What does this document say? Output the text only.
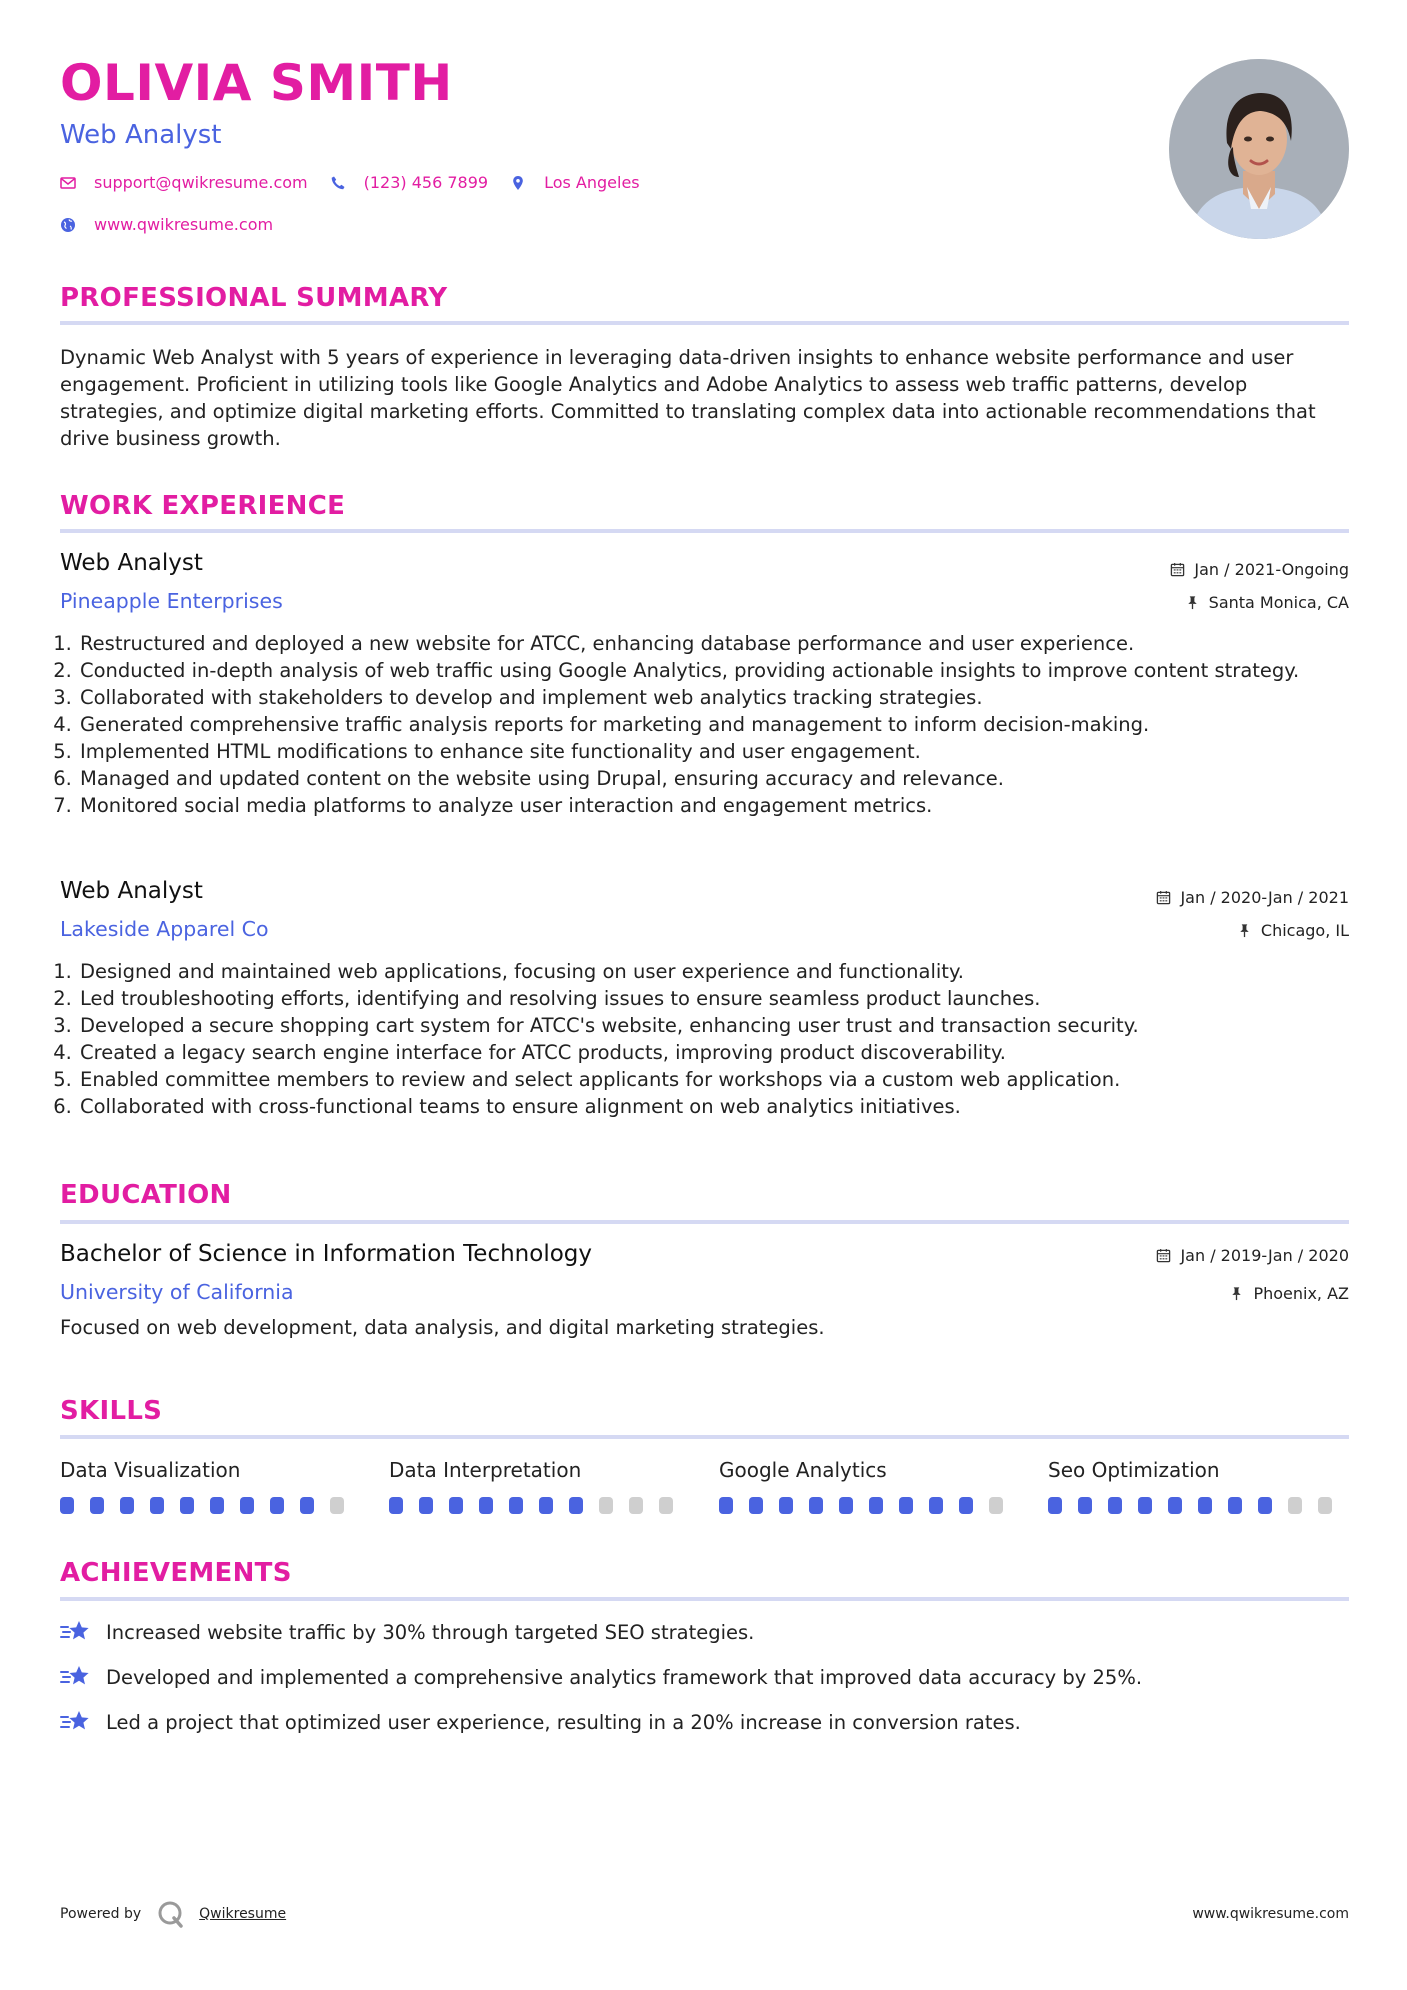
OLIVIA SMITH
Web Analyst
support@qwikresume.com	(123) 456 7899	Los Angeles
www.qwikresume.com
PROFESSIONAL SUMMARY
Dynamic Web Analyst with 5 years of experience in leveraging data-driven insights to enhance website performance and user engagement. Proficient in utilizing tools like Google Analytics and Adobe Analytics to assess web traffic patterns, develop strategies, and optimize digital marketing efforts. Committed to translating complex data into actionable recommendations that drive business growth.
WORK EXPERIENCE
Web Analyst
Pineapple Enterprises
Jan / 2021-Ongoing
Santa Monica, CA
1. Restructured and deployed a new website for ATCC, enhancing database performance and user experience.
2. Conducted in-depth analysis of web traffic using Google Analytics, providing actionable insights to improve content strategy.
3. Collaborated with stakeholders to develop and implement web analytics tracking strategies.
4. Generated comprehensive traffic analysis reports for marketing and management to inform decision-making.
5. Implemented HTML modifications to enhance site functionality and user engagement.
6. Managed and updated content on the website using Drupal, ensuring accuracy and relevance.
7. Monitored social media platforms to analyze user interaction and engagement metrics.
Web Analyst
Lakeside Apparel Co
Jan / 2020-Jan / 2021
Chicago, IL
1. Designed and maintained web applications, focusing on user experience and functionality.
2. Led troubleshooting efforts, identifying and resolving issues to ensure seamless product launches.
3. Developed a secure shopping cart system for ATCC's website, enhancing user trust and transaction security.
4. Created a legacy search engine interface for ATCC products, improving product discoverability.
5. Enabled committee members to review and select applicants for workshops via a custom web application.
6. Collaborated with cross-functional teams to ensure alignment on web analytics initiatives.
EDUCATION
Bachelor of Science in Information Technology
University of California
Jan / 2019-Jan / 2020
Phoenix, AZ
Focused on web development, data analysis, and digital marketing strategies.
SKILLS
Data Visualization	Data Interpretation	Google Analytics	Seo Optimization
ACHIEVEMENTS
Increased website traffic by 30% through targeted SEO strategies.
Developed and implemented a comprehensive analytics framework that improved data accuracy by 25%.
Led a project that optimized user experience, resulting in a 20% increase in conversion rates.
Powered by	Qwikresume	www.qwikresume.com
